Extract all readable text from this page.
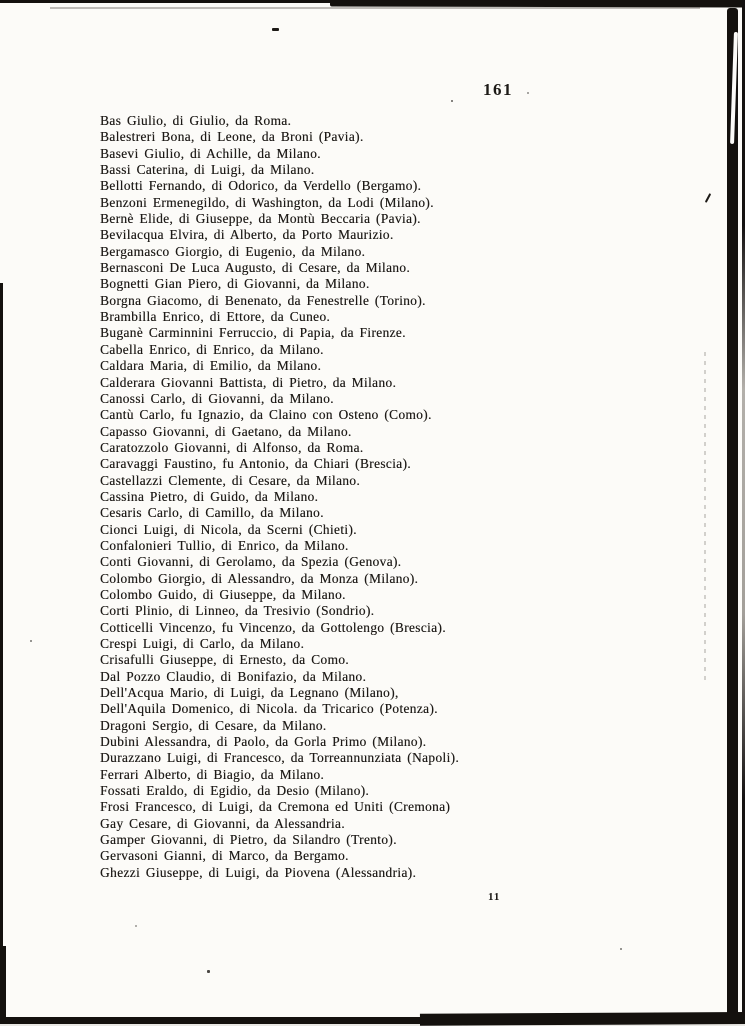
161
Bas Giulio, di Giulio, da Roma.
Balestreri Bona, di Leone, da Broni (Pavia).
Basevi Giulio, di Achille, da Milano.
Bassi Caterina, di Luigi, da Milano.
Bellotti Fernando, di Odorico, da Verdello (Bergamo).
Benzoni Ermenegildo, di Washington, da Lodi (Milano).
Bernè Elide, di Giuseppe, da Montù Beccaria (Pavia).
Bevilacqua Elvira, di Alberto, da Porto Maurizio.
Bergamasco Giorgio, di Eugenio, da Milano.
Bernasconi De Luca Augusto, di Cesare, da Milano.
Bognetti Gian Piero, di Giovanni, da Milano.
Borgna Giacomo, di Benenato, da Fenestrelle (Torino).
Brambilla Enrico, di Ettore, da Cuneo.
Buganè Carminnini Ferruccio, di Papia, da Firenze.
Cabella Enrico, di Enrico, da Milano.
Caldara Maria, di Emilio, da Milano.
Calderara Giovanni Battista, di Pietro, da Milano.
Canossi Carlo, di Giovanni, da Milano.
Cantù Carlo, fu Ignazio, da Claino con Osteno (Como).
Capasso Giovanni, di Gaetano, da Milano.
Caratozzolo Giovanni, di Alfonso, da Roma.
Caravaggi Faustino, fu Antonio, da Chiari (Brescia).
Castellazzi Clemente, di Cesare, da Milano.
Cassina Pietro, di Guido, da Milano.
Cesaris Carlo, di Camillo, da Milano.
Cionci Luigi, di Nicola, da Scerni (Chieti).
Confalonieri Tullio, di Enrico, da Milano.
Conti Giovanni, di Gerolamo, da Spezia (Genova).
Colombo Giorgio, di Alessandro, da Monza (Milano).
Colombo Guido, di Giuseppe, da Milano.
Corti Plinio, di Linneo, da Tresivio (Sondrio).
Cotticelli Vincenzo, fu Vincenzo, da Gottolengo (Brescia).
Crespi Luigi, di Carlo, da Milano.
Crisafulli Giuseppe, di Ernesto, da Como.
Dal Pozzo Claudio, di Bonifazio, da Milano.
Dell'Acqua Mario, di Luigi, da Legnano (Milano),
Dell'Aquila Domenico, di Nicola. da Tricarico (Potenza).
Dragoni Sergio, di Cesare, da Milano.
Dubini Alessandra, di Paolo, da Gorla Primo (Milano).
Durazzano Luigi, di Francesco, da Torreannunziata (Napoli).
Ferrari Alberto, di Biagio, da Milano.
Fossati Eraldo, di Egidio, da Desio (Milano).
Frosi Francesco, di Luigi, da Cremona ed Uniti (Cremona)
Gay Cesare, di Giovanni, da Alessandria.
Gamper Giovanni, di Pietro, da Silandro (Trento).
Gervasoni Gianni, di Marco, da Bergamo.
Ghezzi Giuseppe, di Luigi, da Piovena (Alessandria).
11
